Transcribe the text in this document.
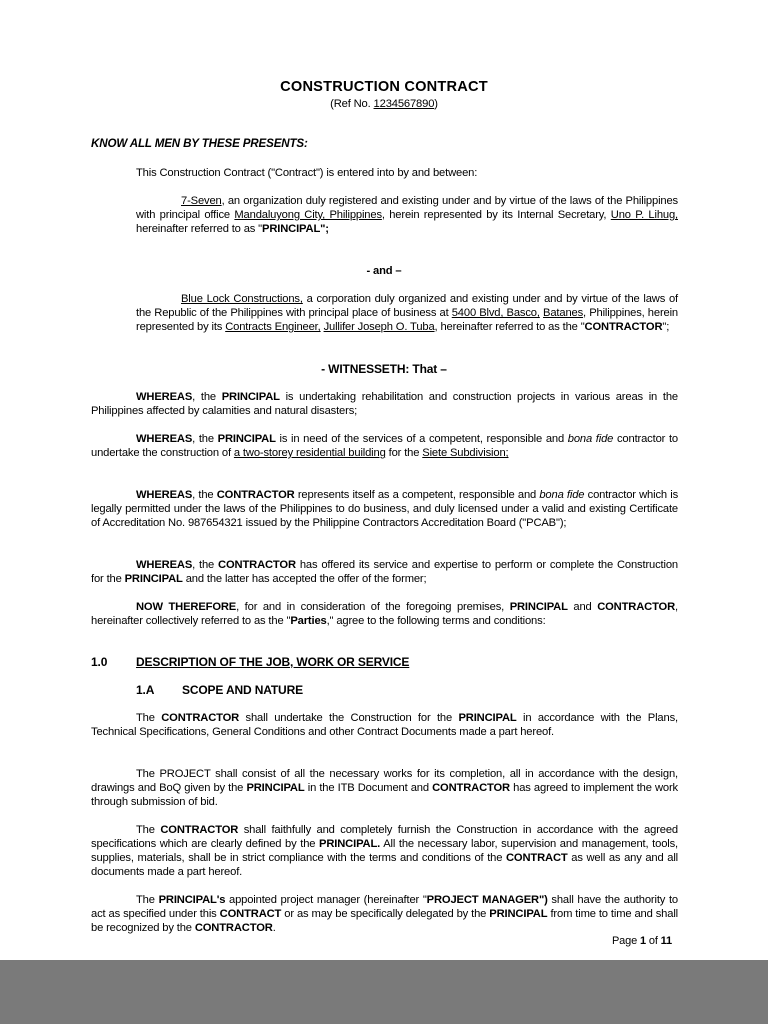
CONSTRUCTION CONTRACT
(Ref No. 1234567890)
KNOW ALL MEN BY THESE PRESENTS:
This Construction Contract ("Contract") is entered into by and between:

7-Seven, an organization duly registered and existing under and by virtue of the laws of the Philippines with principal office Mandaluyong City, Philippines, herein represented by its Internal Secretary, Uno P. Lihug, hereinafter referred to as "PRINCIPAL";

- and –

Blue Lock Constructions, a corporation duly organized and existing under and by virtue of the laws of the Republic of the Philippines with principal place of business at 5400 Blvd, Basco, Batanes, Philippines, herein represented by its Contracts Engineer, Jullifer Joseph O. Tuba, hereinafter referred to as the "CONTRACTOR";

- WITNESSETH: That –
WHEREAS, the PRINCIPAL is undertaking rehabilitation and construction projects in various areas in the Philippines affected by calamities and natural disasters;
WHEREAS, the PRINCIPAL is in need of the services of a competent, responsible and bona fide contractor to undertake the construction of a two-storey residential building for the Siete Subdivision;
WHEREAS, the CONTRACTOR represents itself as a competent, responsible and bona fide contractor which is legally permitted under the laws of the Philippines to do business, and duly licensed under a valid and existing Certificate of Accreditation No. 987654321 issued by the Philippine Contractors Accreditation Board ("PCAB");
WHEREAS, the CONTRACTOR has offered its service and expertise to perform or complete the Construction for the PRINCIPAL and the latter has accepted the offer of the former;
NOW THEREFORE, for and in consideration of the foregoing premises, PRINCIPAL and CONTRACTOR, hereinafter collectively referred to as the "Parties," agree to the following terms and conditions:
1.0 DESCRIPTION OF THE JOB, WORK OR SERVICE
1.A SCOPE AND NATURE
The CONTRACTOR shall undertake the Construction for the PRINCIPAL in accordance with the Plans, Technical Specifications, General Conditions and other Contract Documents made a part hereof.
The PROJECT shall consist of all the necessary works for its completion, all in accordance with the design, drawings and BoQ given by the PRINCIPAL in the ITB Document and CONTRACTOR has agreed to implement the work through submission of bid.
The CONTRACTOR shall faithfully and completely furnish the Construction in accordance with the agreed specifications which are clearly defined by the PRINCIPAL. All the necessary labor, supervision and management, tools, supplies, materials, shall be in strict compliance with the terms and conditions of the CONTRACT as well as any and all documents made a part hereof.
The PRINCIPAL's appointed project manager (hereinafter "PROJECT MANAGER") shall have the authority to act as specified under this CONTRACT or as may be specifically delegated by the PRINCIPAL from time to time and shall be recognized by the CONTRACTOR.
Page 1 of 11
